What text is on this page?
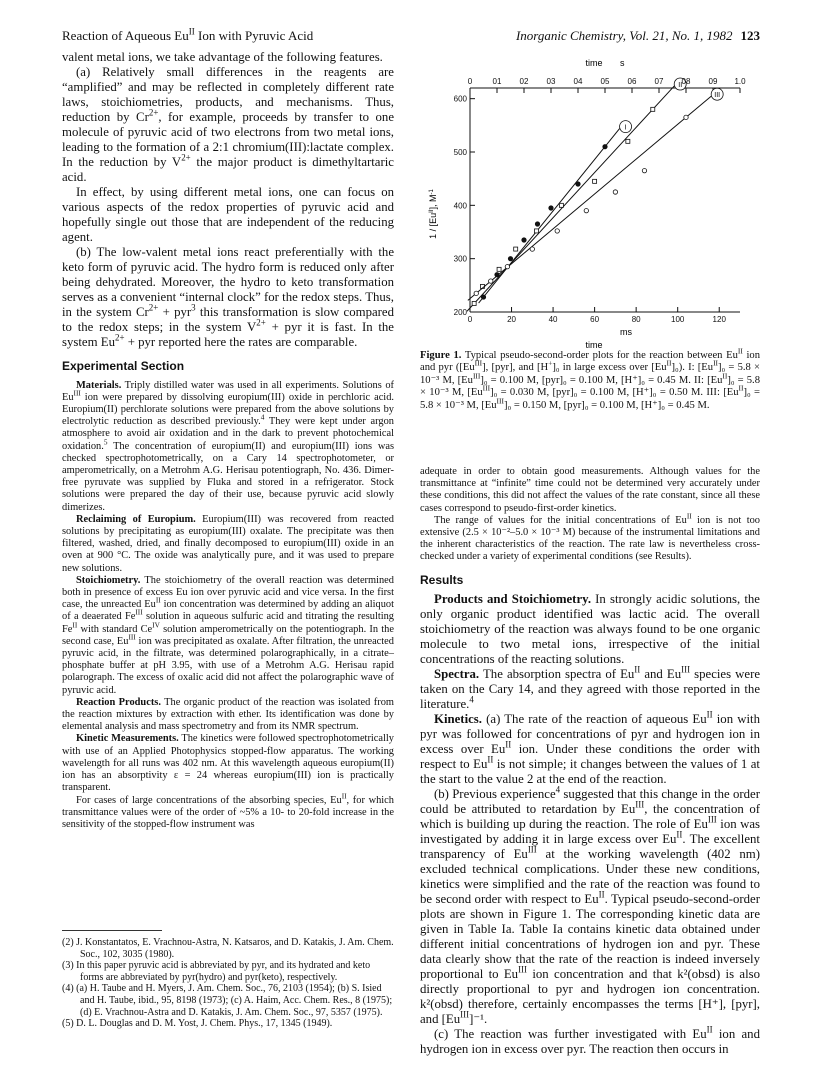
Reaction of Aqueous $Eu^{II}$ Ion with Pyruvic Acid	Inorganic Chemistry, Vol. 21, No. 1, 1982 123

valent metal ions, we take advantage of the following features.

(a) Relatively small differences in the reagents are “amplified” and may be reflected in completely different rate laws, stoichiometries, products, and mechanisms. Thus, reduction by $Cr^{2+}$, for example, proceeds by transfer to one molecule of pyruvic acid of two electrons from two metal ions, leading to the formation of a 2:1 chromium(III):lactate complex. In the reduction by $V^{2+}$ the major product is dimethyltartaric acid.

In effect, by using different metal ions, one can focus on various aspects of the redox properties of pyruvic acid and hopefully single out those that are independent of the reducing agent.

(b) The low-valent metal ions react preferentially with the keto form of pyruvic acid. The hydro form is reduced only after being dehydrated. Moreover, the hydro to keto transformation serves as a convenient “internal clock” for the redox steps. Thus, in the system $Cr^{2+} + pyr^3$ this transformation is slow compared to the redox steps; in the system $V^{2+}$ + pyr it is fast. In the system $Eu^{2+}$ + pyr reported here the rates are comparable.

Experimental Section

Materials. Triply distilled water was used in all experiments. Solutions of $Eu^{III}$ ion were prepared by dissolving europium(III) oxide in perchloric acid. Europium(II) perchlorate solutions were prepared from the above solutions by electrolytic reduction as described previously.$^4$ They were kept under argon atmosphere to avoid air oxidation and in the dark to prevent photochemical oxidation.$^5$ The concentration of europium(II) and europium(III) ions was checked spectrophotometrically, on a Cary 14 spectrophotometer, or amperometrically, on a Metrohm A.G. Herisau potentiograph, No. 436. Dimer-free pyruvate was supplied by Fluka and stored in a refrigerator. Stock solutions were prepared the day of their use, because pyruvic acid slowly dimerizes.

Reclaiming of Europium. Europium(III) was recovered from reacted solutions by precipitating as europium(III) oxalate. The precipitate was then filtered, washed, dried, and finally decomposed to europium(III) oxide in an oven at 900 °C. The oxide was analytically pure, and it was used to prepare new solutions.

Stoichiometry. The stoichiometry of the overall reaction was determined both in presence of excess Eu ion over pyruvic acid and vice versa. In the first case, the unreacted $Eu^{II}$ ion concentration was determined by adding an aliquot of a deaerated $Fe^{III}$ solution in aqueous sulfuric acid and titrating the resulting $Fe^{II}$ with standard $Ce^{IV}$ solution amperometrically on the potentiograph. In the second case, $Eu^{III}$ ion was precipitated as oxalate. After filtration, the unreacted pyruvic acid, in the filtrate, was determined polarographically, in a citrate–phosphate buffer at pH 3.95, with use of a Metrohm A.G. Herisau rapid polarograph. The excess of oxalic acid did not affect the polarographic wave of pyruvic acid.

Reaction Products. The organic product of the reaction was isolated from the reaction mixtures by extraction with ether. Its identification was done by elemental analysis and mass spectrometry and from its NMR spectrum.

Kinetic Measurements. The kinetics were followed spectrophotometrically with use of an Applied Photophysics stopped-flow apparatus. The working wavelength for all runs was 402 nm. At this wavelength aqueous europium(II) ion has an absorptivity ε = 24 whereas europium(III) ion is practically transparent.

For cases of large concentrations of the absorbing species, $Eu^{II}$, for which transmittance values were of the order of ~5% a 10- to 20-fold increase in the sensitivity of the stopped-flow instrument was

(2) J. Konstantatos, E. Vrachnou-Astra, N. Katsaros, and D. Katakis, J. Am. Chem. Soc., 102, 3035 (1980).
(3) In this paper pyruvic acid is abbreviated by pyr, and its hydrated and keto forms are abbreviated by pyr(hydro) and pyr(keto), respectively.
(4) (a) H. Taube and H. Myers, J. Am. Chem. Soc., 76, 2103 (1954); (b) S. Isied and H. Taube, ibid., 95, 8198 (1973); (c) A. Haim, Acc. Chem. Res., 8 (1975); (d) E. Vrachnou-Astra and D. Katakis, J. Am. Chem. Soc., 97, 5357 (1975).
(5) D. L. Douglas and D. M. Yost, J. Chem. Phys., 17, 1345 (1949).
I
II
III
0	20	40	60	80	100	120
0	01 02 03 04 05 06 07 08 09 1.0
200
300
400
500
600
time s
ms
time
$1 / [Eu^{II}]$, $M^{-1}$
Figure 1. Typical pseudo-second-order plots for the reaction between $Eu^{II}$ ion and pyr ($[Eu^{III}]$, [pyr], and [H+]₀ in large excess over $[Eu^{II}]_0$). I: $[Eu^{II}]_0 = 5.8 \times 10^{-3}$ M, $[Eu^{III}]_0 = 0.100$ M, [pyr]₀ = 0.100 M, [H⁺]₀ = 0.45 M. II: $[Eu^{II}]_0 = 5.8 \times 10^{-3}$ M, $[Eu^{III}]_0 = 0.030$ M, [pyr]₀ = 0.100 M, [H⁺]₀ = 0.50 M. III: $[Eu^{II}]_0 = 5.8 \times 10^{-3}$ M, $[Eu^{III}]_0 = 0.150$ M, [pyr]₀ = 0.100 M, [H⁺]₀ = 0.45 M.

adequate in order to obtain good measurements. Although values for the transmittance at “infinite” time could not be determined very accurately under these conditions, this did not affect the values of the rate constant, since all these cases correspond to pseudo-first-order kinetics.

The range of values for the initial concentrations of $Eu^{II}$ ion is not too extensive (2.5 × 10⁻²–5.0 × 10⁻³ M) because of the instrumental limitations and the inherent characteristics of the reaction. The rate law is nevertheless cross-checked under a variety of experimental conditions (see Results).

Results

Products and Stoichiometry. In strongly acidic solutions, the only organic product identified was lactic acid. The overall stoichiometry of the reaction was always found to be one organic molecule to two metal ions, irrespective of the initial concentrations of the reacting solutions.

Spectra. The absorption spectra of $Eu^{II}$ and $Eu^{III}$ species were taken on the Cary 14, and they agreed with those reported in the literature.$^4$

Kinetics. (a) The rate of the reaction of aqueous $Eu^{II}$ ion with pyr was followed for concentrations of pyr and hydrogen ion in excess over $Eu^{II}$ ion. Under these conditions the order with respect to $Eu^{II}$ is not simple; it changes between the values of 1 at the start to the value 2 at the end of the reaction.

(b) Previous experience$^4$ suggested that this change in the order could be attributed to retardation by $Eu^{III}$, the concentration of which is building up during the reaction. The role of $Eu^{III}$ ion was investigated by adding it in large excess over $Eu^{II}$. The excellent transparency of $Eu^{III}$ at the working wavelength (402 nm) excluded technical complications. Under these new conditions, kinetics were simplified and the rate of the reaction was found to be second order with respect to $Eu^{II}$. Typical pseudo-second-order plots are shown in Figure 1. The corresponding kinetic data are given in Table Ia. Table Ia contains kinetic data obtained under different initial concentrations of hydrogen ion and pyr. These data clearly show that the rate of the reaction is indeed inversely proportional to $Eu^{III}$ ion concentration and that k²(obsd) is also directly proportional to pyr and hydrogen ion concentration. k²(obsd) therefore, certainly encompasses the terms [H⁺], [pyr], and $[Eu^{III}]^{-1}$.

(c) The reaction was further investigated with $Eu^{II}$ ion and hydrogen ion in excess over pyr. The reaction then occurs in
